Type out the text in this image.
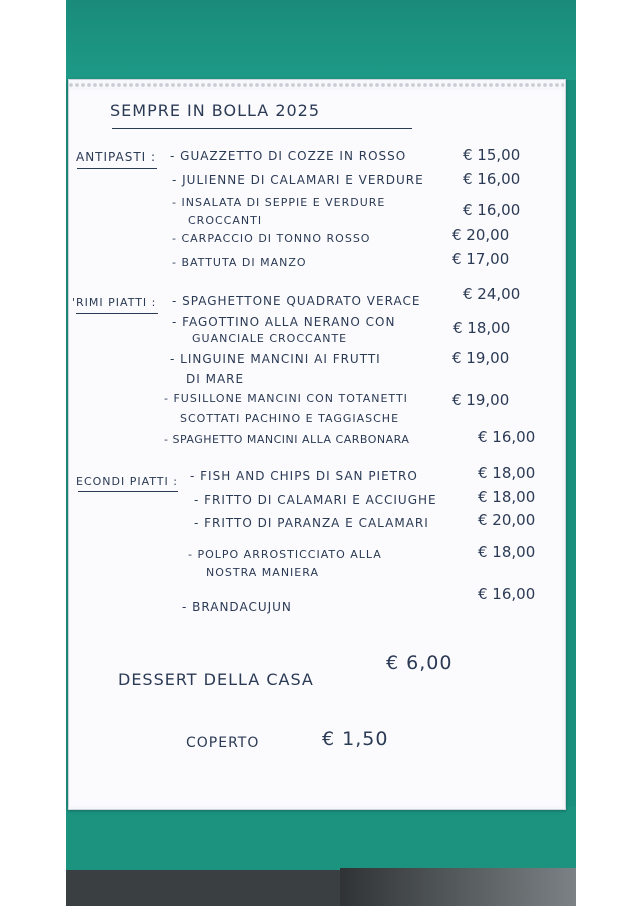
SEMPRE IN BOLLA 2025
ANTIPASTI : - GUAZZETTO DI COZZE IN ROSSO	€ 15,00
- JULIENNE DI CALAMARI E VERDURE	€ 16,00
- INSALATA DI SEPPIE E VERDURE
CROCCANTI
€ 16,00
- CARPACCIO DI TONNO ROSSO	€ 20,00
- BATTUTA DI MANZO	€ 17,00
'RIMI PIATTI : - SPAGHETTONE QUADRATO VERACE	€ 24,00
- FAGOTTINO ALLA NERANO CON
GUANCIALE CROCCANTE
€ 18,00
- LINGUINE MANCINI AI FRUTTI
DI MARE
€ 19,00
- FUSILLONE MANCINI CON TOTANETTI
SCOTTATI PACHINO E TAGGIASCHE
€ 19,00
- SPAGHETTO MANCINI ALLA CARBONARA	€ 16,00
ECONDI PIATTI : - FISH AND CHIPS DI SAN PIETRO	€ 18,00
- FRITTO DI CALAMARI E ACCIUGHE	€ 18,00
- FRITTO DI PARANZA E CALAMARI	€ 20,00
- POLPO ARROSTICCIATO ALLA
NOSTRA MANIERA
€ 18,00
- BRANDACUJUN
€ 16,00
DESSERT DELLA CASA
€ 6,00
COPERTO	€ 1,50
